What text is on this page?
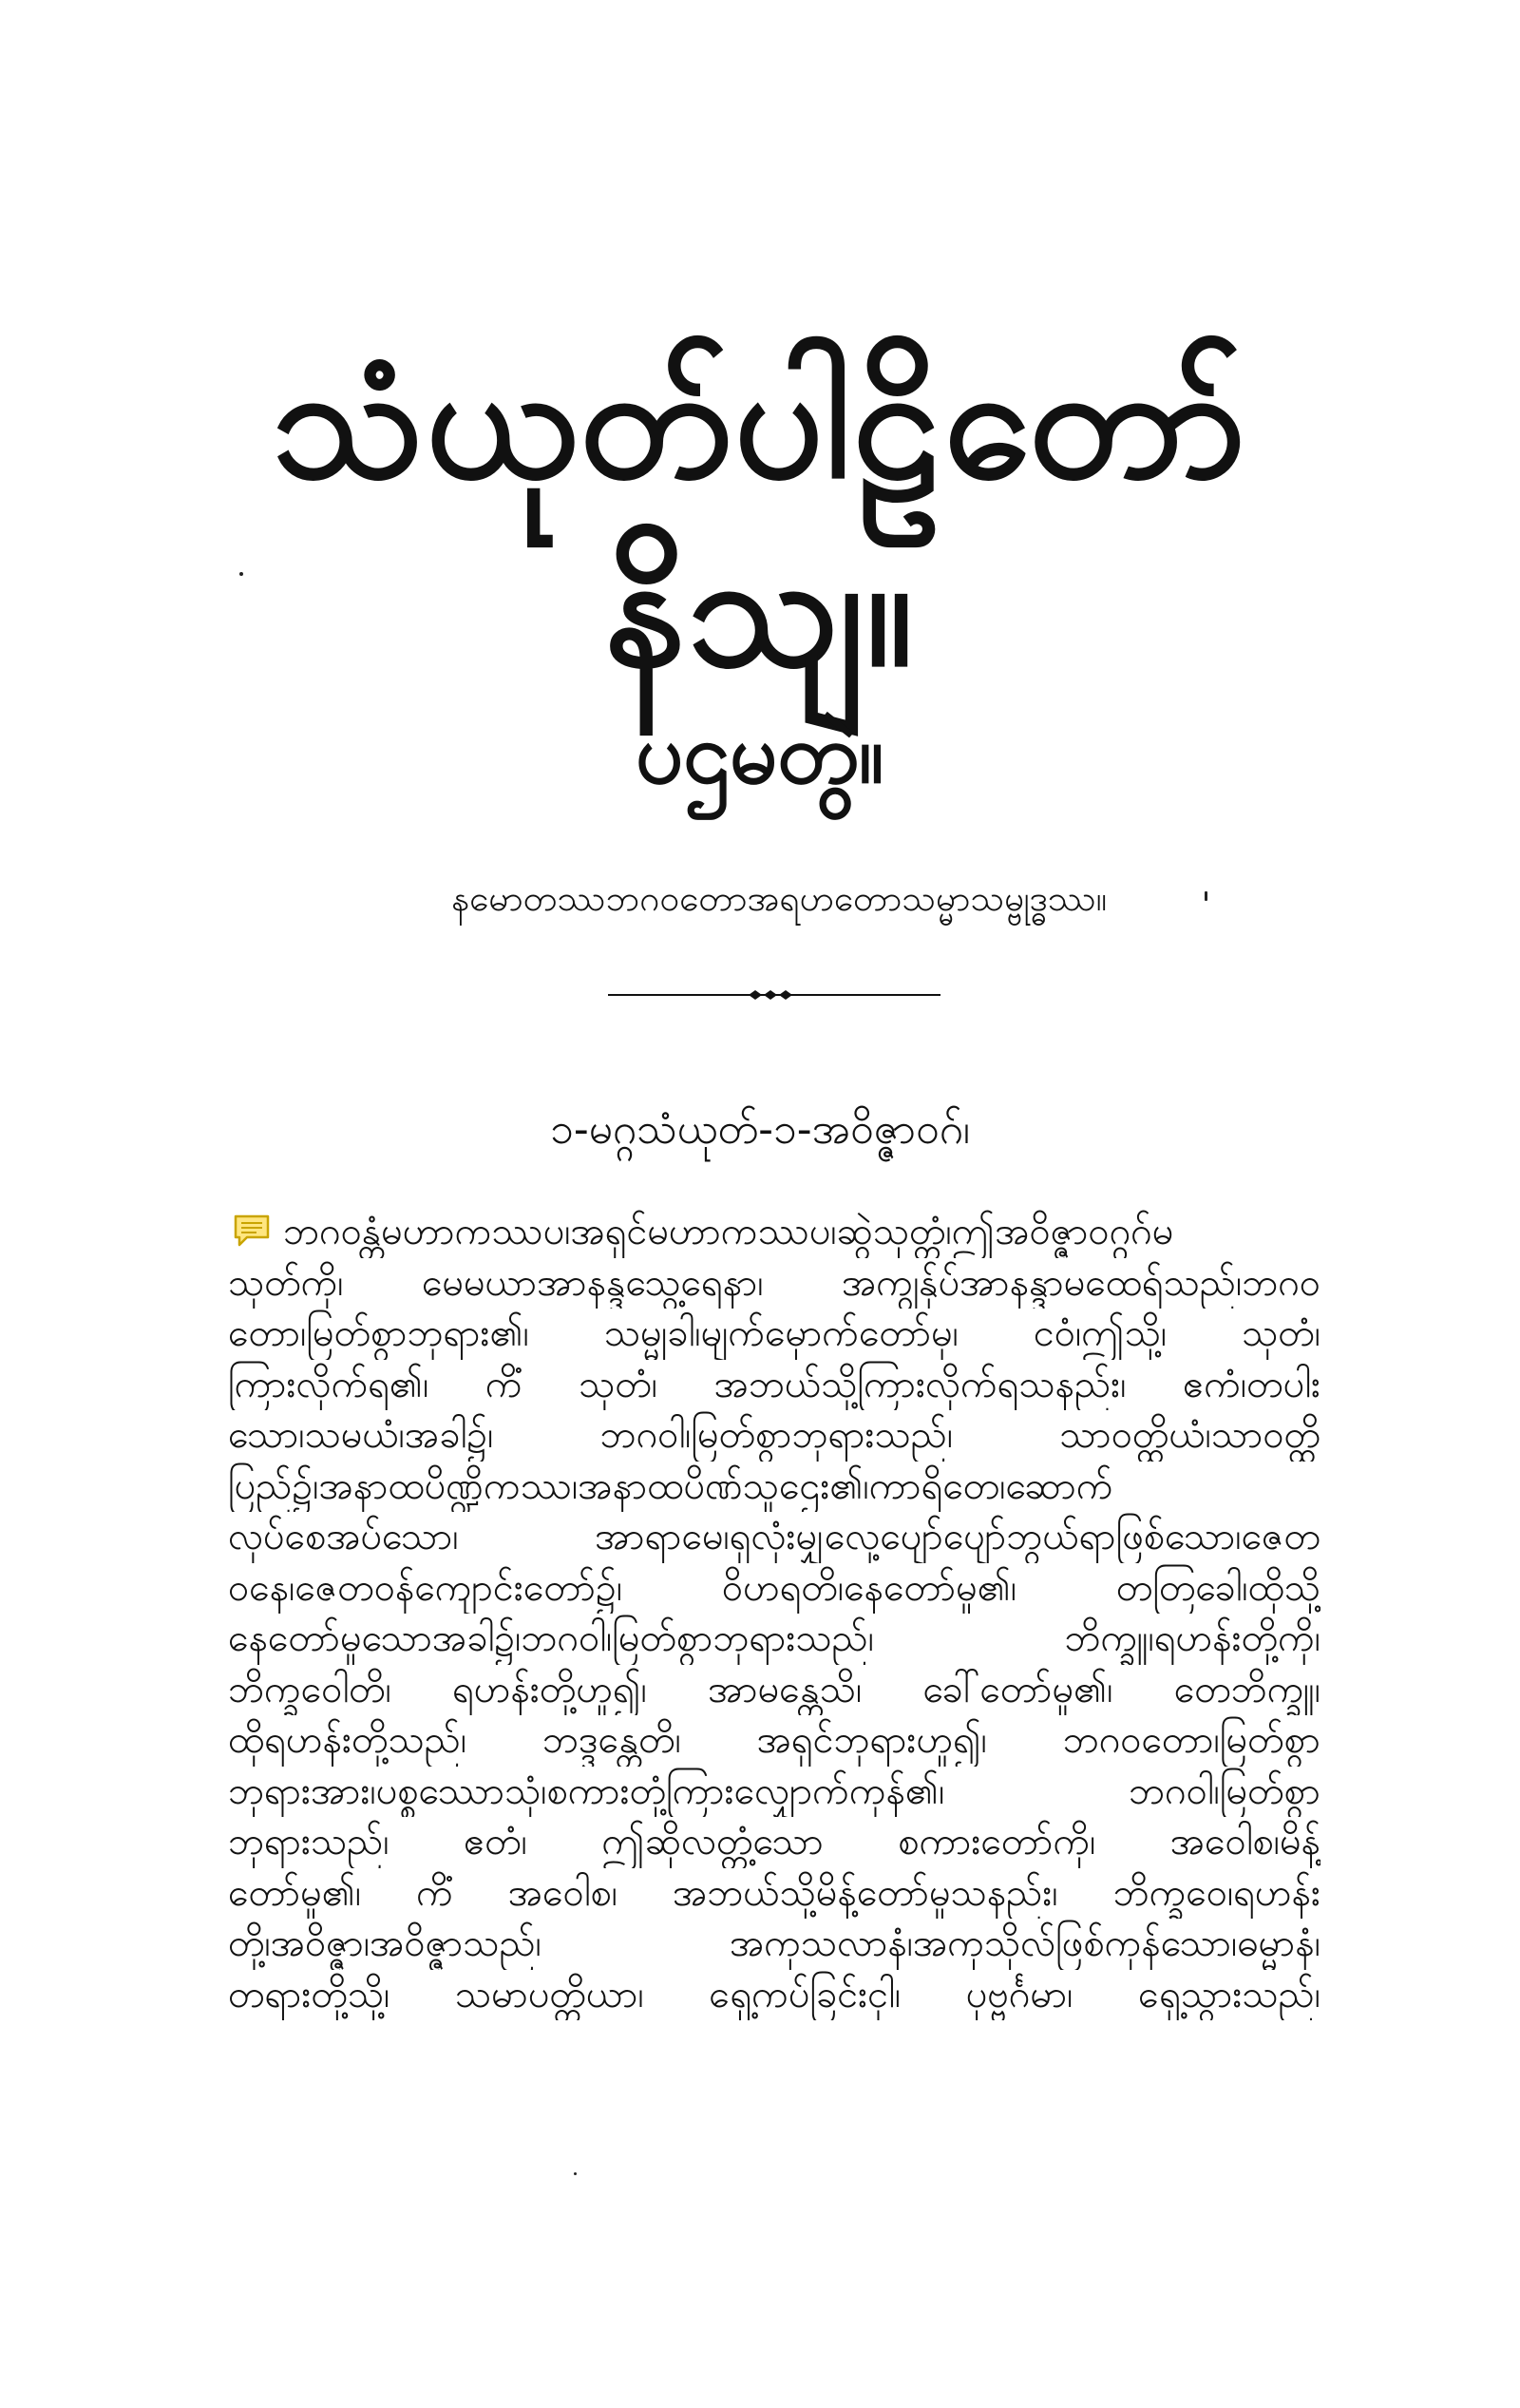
သံယုတ်ပါဠိတော်နိသျ။
ပဌမတွဲ။
နမောတဿဘဂဝတောအရဟတောသမ္မာသမ္ဗုဒ္ဓဿ။
၁-မဂ္ဂသံယုတ်-၁-အဝိဇ္ဇာဝဂ်၊
ဘဂဝန္တံမဟာကဿပ၊အရှင်မဟာကဿပ၊ဆွဲသုတ္တံ၊ဤအဝိဇ္ဇာဝဂ္ဂဂ်မ
သုတ်ကို၊ မေမယာအာနန္ဒသွေ့ရေနာ၊ အကျွန်ုပ်အာနန္ဒာမထေရ်သည်၊ဘဂဝ
တော၊မြတ်စွာဘုရား၏၊ သမ္မုခါ၊မျက်မှောက်တော်မှ၊ ငဝံ၊ဤသို့၊ သုတံ၊
ကြားလိုက်ရ၏၊ ကိံ သုတံ၊ အဘယ်သို့ကြားလိုက်ရသနည်း၊ ဧကံ၊တပါး
သော၊သမယံ၊အခါ၌၊ ဘဂဝါ၊မြတ်စွာဘုရားသည်၊ သာဝတ္ထိယံ၊သာဝတ္ထိ
ပြည်၌၊အနာထပိဏ္ဍိကဿ၊အနာထပိဏ်သူဌေး၏၊ကာရိတေ၊ဆောက်
လုပ်စေအပ်သော၊ အာရာမေ၊ရှလုံးမျှလှေ့ပျော်ပျော်ဘွယ်ရာဖြစ်သော၊ဇေတ
ဝနေ၊ဇေတဝန်ကျောင်းတော်၌၊ ဝိဟရတိ၊နေတော်မူ၏၊ တတြခေါ၊ထိုသို့
နေတော်မူသောအခါ၌၊ဘဂဝါ၊မြတ်စွာဘုရားသည်၊ ဘိက္ခူ၊ရဟန်းတို့ကို၊
ဘိက္ခဝေါတိ၊ ရဟန်းတို့ဟူ၍၊ အာမန္တေသိ၊ ခေါ်တော်မူ၏၊ တေဘိက္ခူ၊
ထိုရဟန်းတို့သည်၊ ဘဒ္ဒန္တေတိ၊ အရှင်ဘုရားဟူ၍၊ ဘဂဝတော၊မြတ်စွာ
ဘုရားအား၊ပစ္စဿောသုံ၊စကားတုံ့ကြားလျှောက်ကုန်၏၊ ဘဂဝါ၊မြတ်စွာ
ဘုရားသည်၊ ဧတံ၊ ဤဆိုလတ္တံ့သော စကားတော်ကို၊ အဝေါစ၊မိန့်
တော်မူ၏၊ ကိံ အဝေါစ၊ အဘယ်သို့မိန့်တော်မူသနည်း၊ ဘိက္ခဝေ၊ရဟန်း
တို့၊အဝိဇ္ဇာ၊အဝိဇ္ဇာသည်၊ အကုသလာနံ၊အကုသိုလ်ဖြစ်ကုန်သော၊ဓမ္မာနံ၊
တရားတို့သို့၊ သမာပတ္တိယာ၊ ရှေ့ကပ်ခြင်းငှါ၊ ပုဗ္ဗင်္ဂမာ၊ ရှေ့သွားသည်၊
